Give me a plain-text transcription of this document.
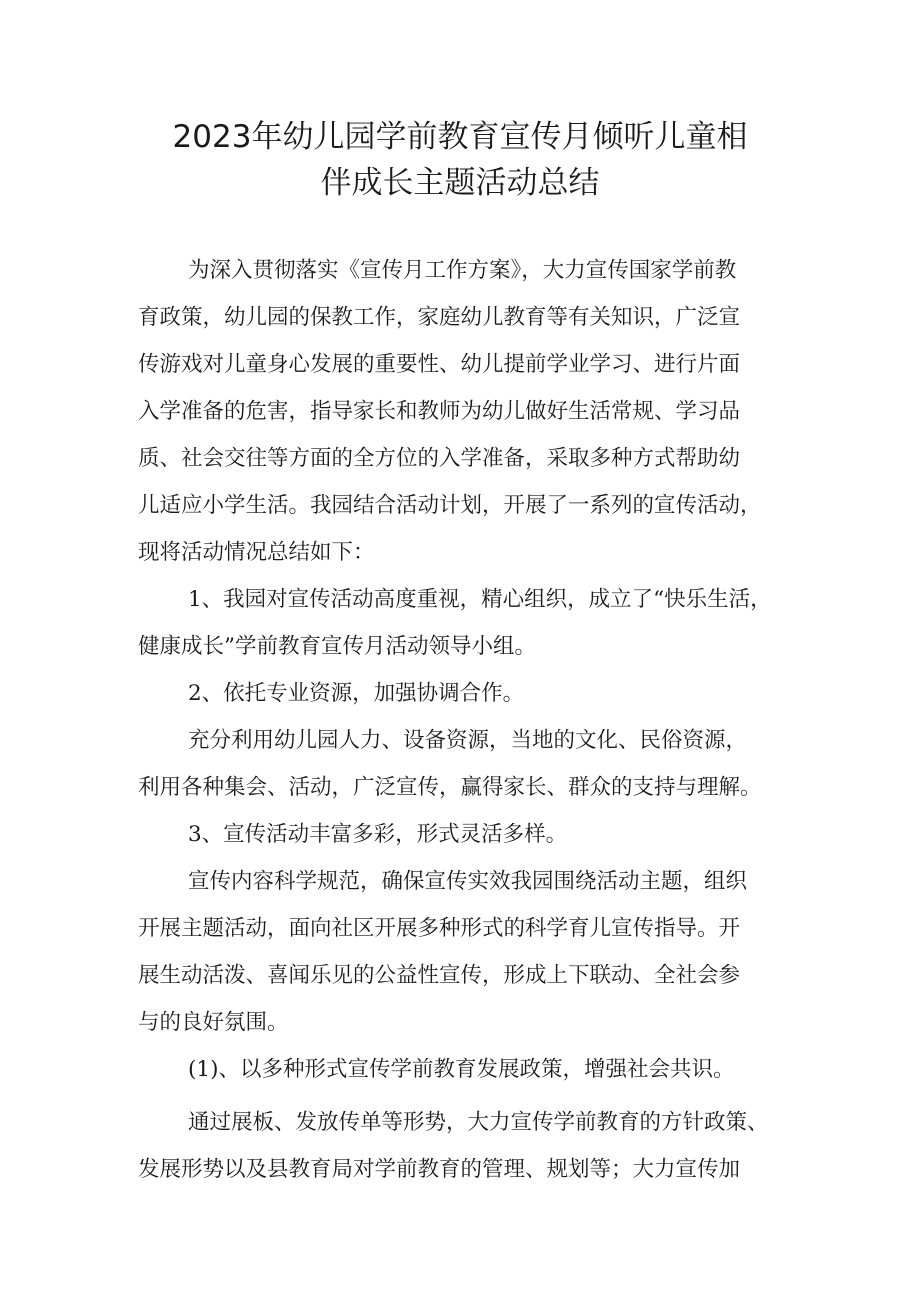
2023年幼儿园学前教育宣传月倾听儿童相
伴成长主题活动总结
为深入贯彻落实《宣传月工作方案》，大力宣传国家学前教
育政策，幼儿园的保教工作，家庭幼儿教育等有关知识，广泛宣
传游戏对儿童身心发展的重要性、幼儿提前学业学习、进行片面
入学准备的危害，指导家长和教师为幼儿做好生活常规、学习品
质、社会交往等方面的全方位的入学准备，采取多种方式帮助幼
儿适应小学生活。我园结合活动计划，开展了一系列的宣传活动，
现将活动情况总结如下：
1、我园对宣传活动高度重视，精心组织，成立了“快乐生活，
健康成长”学前教育宣传月活动领导小组。
2、依托专业资源，加强协调合作。
充分利用幼儿园人力、设备资源，当地的文化、民俗资源，
利用各种集会、活动，广泛宣传，赢得家长、群众的支持与理解。
3、宣传活动丰富多彩，形式灵活多样。
宣传内容科学规范，确保宣传实效我园围绕活动主题，组织
开展主题活动，面向社区开展多种形式的科学育儿宣传指导。开
展生动活泼、喜闻乐见的公益性宣传，形成上下联动、全社会参
与的良好氛围。
(1)、以多种形式宣传学前教育发展政策，增强社会共识。
通过展板、发放传单等形势，大力宣传学前教育的方针政策、
发展形势以及县教育局对学前教育的管理、规划等；大力宣传加
